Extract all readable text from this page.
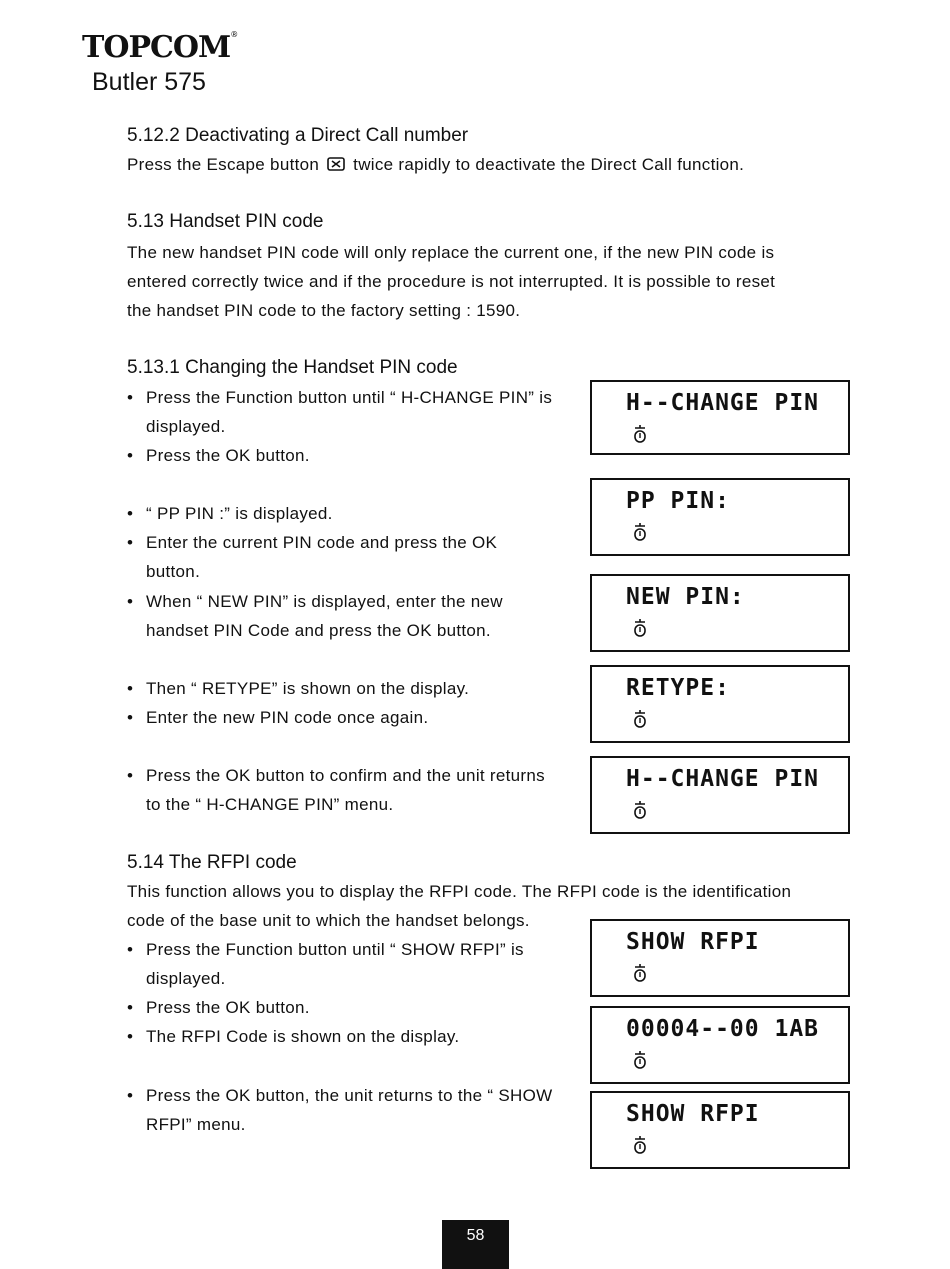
TOPCOM®
Butler 575
5.12.2 Deactivating a Direct Call number
Press the Escape button  twice rapidly to deactivate the Direct Call function.
5.13 Handset PIN code
The new handset PIN code will only replace the current one, if the new PIN code is
entered correctly twice and if the procedure is not interrupted. It is possible to reset
the handset PIN code to the factory setting : 1590.
5.13.1 Changing the Handset PIN code
• Press the Function button until “ H-CHANGE PIN” is displayed.
• Press the OK button.
• “ PP PIN :” is displayed.
• Enter the current PIN code and press the OK button.
• When “ NEW PIN” is displayed, enter the new handset PIN Code and press the OK button.
• Then “ RETYPE” is shown on the display.
• Enter the new PIN code once again.
• Press the OK button to confirm and the unit returns to the “ H-CHANGE PIN” menu.
5.14 The RFPI code
This function allows you to display the RFPI code. The RFPI code is the identification
code of the base unit to which the handset belongs.
• Press the Function button until “ SHOW RFPI” is displayed.
• Press the OK button.
• The RFPI Code is shown on the display.
• Press the OK button, the unit returns to the “ SHOW RFPI” menu.
H--CHANGE PIN
PP PIN:
NEW PIN:
RETYPE:
H--CHANGE PIN
SHOW RFPI
00004--00 1AB
SHOW RFPI
58
